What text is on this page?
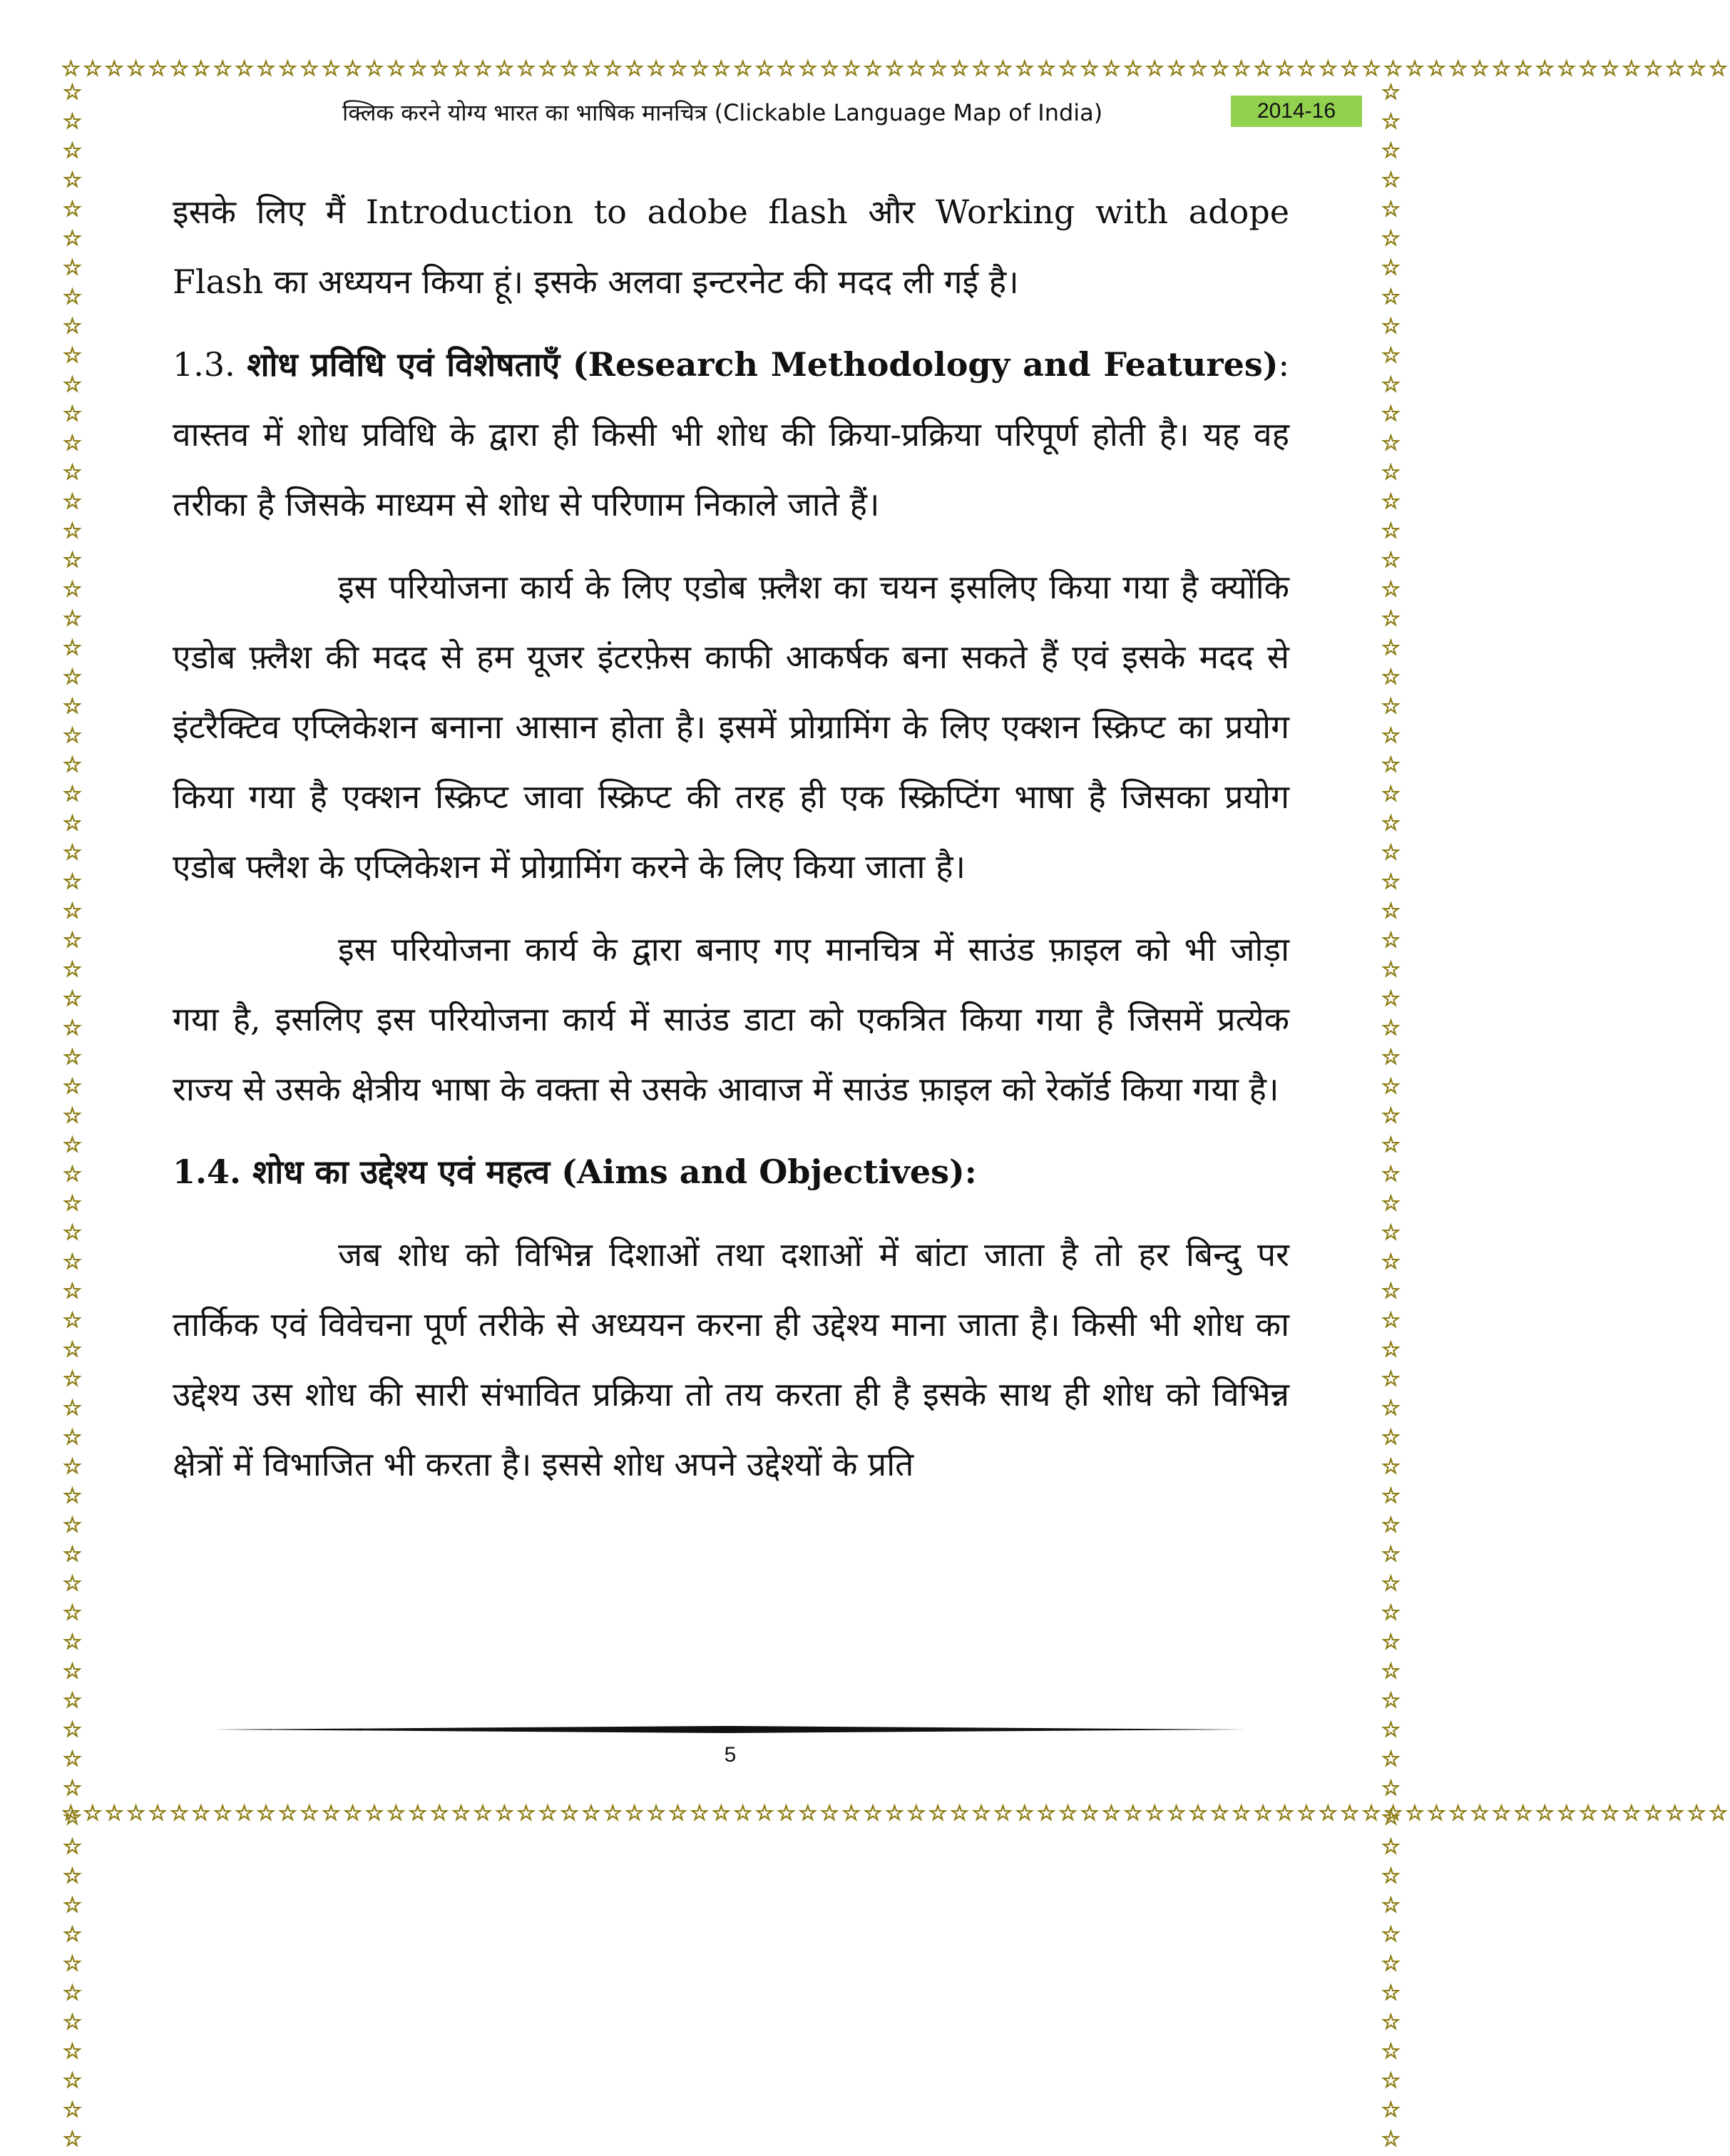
☆☆☆☆☆☆☆☆☆☆☆☆☆☆☆☆☆☆☆☆☆☆☆☆☆☆☆☆☆☆☆☆☆☆☆☆☆☆☆☆☆☆☆☆☆☆☆☆☆☆☆☆☆☆☆☆☆☆☆☆☆☆☆☆☆☆☆☆☆☆☆☆☆☆☆☆☆
☆☆☆☆☆☆☆☆☆☆☆☆☆☆☆☆☆☆☆☆☆☆☆☆☆☆☆☆☆☆☆☆☆☆☆☆☆☆☆☆☆☆☆☆☆☆☆☆☆☆☆☆☆☆☆☆☆☆☆☆☆☆☆☆☆☆☆☆☆☆☆	☆☆☆☆☆☆☆☆☆☆☆☆☆☆☆☆☆☆☆☆☆☆☆☆☆☆☆☆☆☆☆☆☆☆☆☆☆☆☆☆☆☆☆☆☆☆☆☆☆☆☆☆☆☆☆☆☆☆☆☆☆☆☆☆☆☆☆☆☆☆☆
☆☆☆☆☆☆☆☆☆☆☆☆☆☆☆☆☆☆☆☆☆☆☆☆☆☆☆☆☆☆☆☆☆☆☆☆☆☆☆☆☆☆☆☆☆☆☆☆☆☆☆☆☆☆☆☆☆☆☆☆☆☆☆☆☆☆☆☆☆☆☆☆☆☆☆☆☆
क्लिक करने योग्य भारत का भाषिक मानचित्र (Clickable Language Map of India)	2014-16

इसके लिए मैं Introduction to adobe flash और Working with adope Flash का अध्ययन किया हूं। इसके अलवा इन्टरनेट की मदद ली गई है।

1.3. शोध प्रविधि एवं विशेषताएँ (Research Methodology and Features): वास्तव में शोध प्रविधि के द्वारा ही किसी भी शोध की क्रिया-प्रक्रिया परिपूर्ण होती है। यह वह तरीका है जिसके माध्यम से शोध से परिणाम निकाले जाते हैं।

इस परियोजना कार्य के लिए एडोब फ़्लैश का चयन इसलिए किया गया है क्योंकि एडोब फ़्लैश की मदद से हम यूजर इंटरफ़ेस काफी आकर्षक बना सकते हैं एवं इसके मदद से इंटरैक्टिव एप्लिकेशन बनाना आसान होता है। इसमें प्रोग्रामिंग के लिए एक्शन स्क्रिप्ट का प्रयोग किया गया है एक्शन स्क्रिप्ट जावा स्क्रिप्ट की तरह ही एक स्क्रिप्टिंग भाषा है जिसका प्रयोग एडोब फ्लैश के एप्लिकेशन में प्रोग्रामिंग करने के लिए किया जाता है।

इस परियोजना कार्य के द्वारा बनाए गए मानचित्र में साउंड फ़ाइल को भी जोड़ा गया है, इसलिए इस परियोजना कार्य में साउंड डाटा को एकत्रित किया गया है जिसमें प्रत्येक राज्य से उसके क्षेत्रीय भाषा के वक्ता से उसके आवाज में साउंड फ़ाइल को रेकॉर्ड किया गया है।

1.4. शोध का उद्देश्य एवं महत्व (Aims and Objectives):

जब शोध को विभिन्न दिशाओं तथा दशाओं में बांटा जाता है तो हर बिन्दु पर तार्किक एवं विवेचना पूर्ण तरीके से अध्ययन करना ही उद्देश्य माना जाता है। किसी भी शोध का उद्देश्य उस शोध की सारी संभावित प्रक्रिया तो तय करता ही है इसके साथ ही शोध को विभिन्न क्षेत्रों में विभाजित भी करता है। इससे शोध अपने उद्देश्यों के प्रति

5
